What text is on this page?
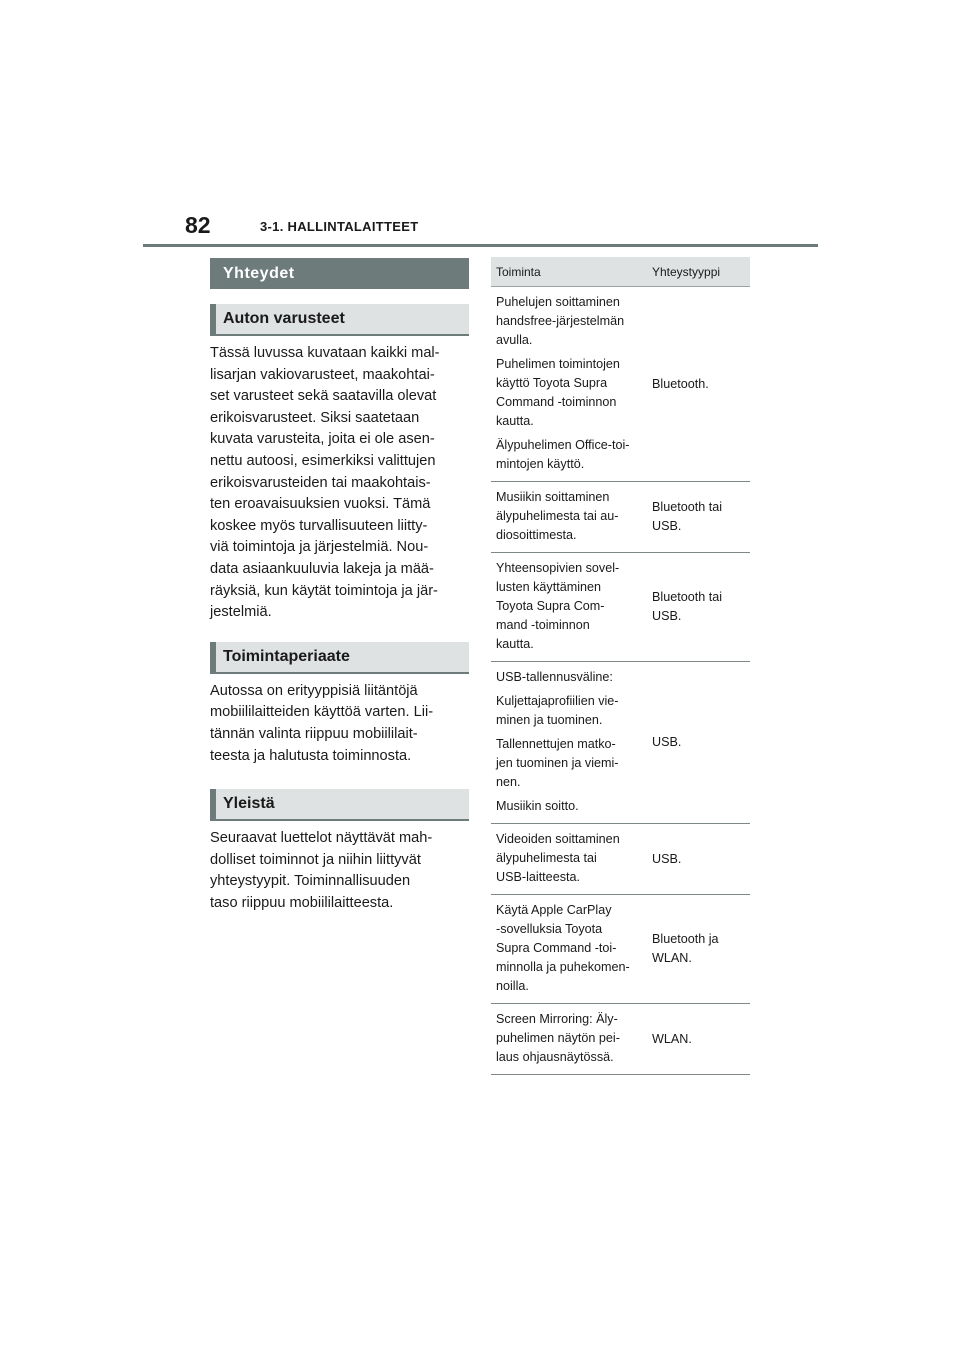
82	3-1. HALLINTALAITTEET
Yhteydet
Auton varusteet

Tässä luvussa kuvataan kaikki mal-
lisarjan vakiovarusteet, maakohtai-
set varusteet sekä saatavilla olevat
erikoisvarusteet. Siksi saatetaan
kuvata varusteita, joita ei ole asen-
nettu autoosi, esimerkiksi valittujen
erikoisvarusteiden tai maakohtais-
ten eroavaisuuksien vuoksi. Tämä
koskee myös turvallisuuteen liitty-
viä toimintoja ja järjestelmiä. Nou-
data asiaankuuluvia lakeja ja mää-
räyksiä, kun käytät toimintoja ja jär-
jestelmiä.

Toimintaperiaate

Autossa on erityyppisiä liitäntöjä
mobiililaitteiden käyttöä varten. Lii-
tännän valinta riippuu mobiililait-
teesta ja halutusta toiminnosta.

Yleistä

Seuraavat luettelot näyttävät mah-
dolliset toiminnot ja niihin liittyvät
yhteystyypit. Toiminnallisuuden
taso riippuu mobiililaitteesta.

Toiminta	Yhteystyyppi
Puhelujen soittaminen
handsfree-järjestelmän
avulla.
Puhelimen toimintojen
käyttö Toyota Supra
Command -toiminnon
kautta.
Älypuhelimen Office-toi-
mintojen käyttö.
Bluetooth.
Musiikin soittaminen
älypuhelimesta tai au-
diosoittimesta.
Bluetooth tai
USB.
Yhteensopivien sovel-
lusten käyttäminen
Toyota Supra Com-
mand -toiminnon
kautta.
Bluetooth tai
USB.
USB-tallennusväline:
Kuljettajaprofiilien vie-
minen ja tuominen.
Tallennettujen matko-
jen tuominen ja viemi-
nen.
Musiikin soitto.
USB.
Videoiden soittaminen
älypuhelimesta tai
USB-laitteesta.
USB.
Käytä Apple CarPlay
-sovelluksia Toyota
Supra Command -toi-
minnolla ja puhekomen-
noilla.
Bluetooth ja
WLAN.
Screen Mirroring: Äly-
puhelimen näytön pei-
laus ohjausnäytössä.
WLAN.
